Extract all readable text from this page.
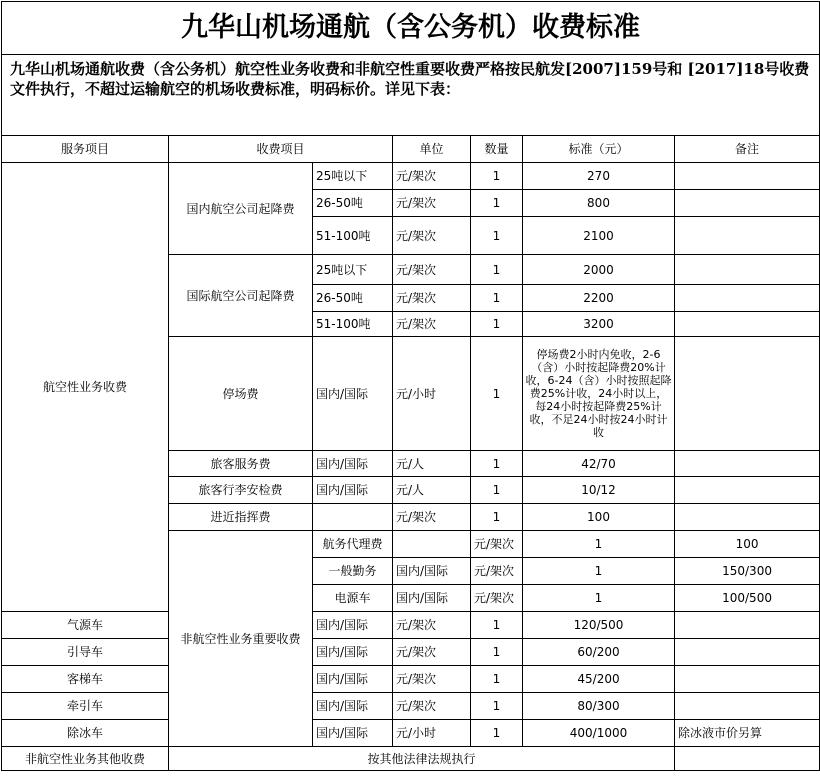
九华山机场通航（含公务机）收费标准							
九华山机场通航收费（含公务机）航空性业务收费和非航空性重要收费严格按民航发[2007]159号和 [2017]18号收费文件执行，不超过运输航空的机场收费标准，明码标价。详见下表：							
服务项目	收费项目		单位	数量	标准（元）	备注	
航空性业务收费	国内航空公司起降费	25吨以下	元/架次	1	270		
		26-50吨	元/架次	1	800		
		51-100吨	元/架次	1	2100		
	国际航空公司起降费	25吨以下	元/架次	1	2000		
		26-50吨	元/架次	1	2200		
		51-100吨	元/架次	1	3200		
	停场费	国内/国际	元/小时	1	停场费2小时内免收，2-6（含）小时按起降费20%计收，6-24（含）小时按照起降费25%计收，24小时以上，每24小时按起降费25%计收，不足24小时按24小时计收		
	旅客服务费	国内/国际	元/人	1	42/70		
	旅客行李安检费	国内/国际	元/人	1	10/12		
	进近指挥费		元/架次	1	100		
	非航空性业务重要收费	航务代理费		元/架次	1	100	
		一般勤务	国内/国际	元/架次	1	150/300	
		电源车	国内/国际	元/架次	1	100/500	
气源车		国内/国际	元/架次	1	120/500		
引导车		国内/国际	元/架次	1	60/200		
客梯车		国内/国际	元/架次	1	45/200		
牵引车		国内/国际	元/架次	1	80/300		
除冰车		国内/国际	元/小时	1	400/1000	除冰液市价另算	
非航空性业务其他收费	按其他法律法规执行						
